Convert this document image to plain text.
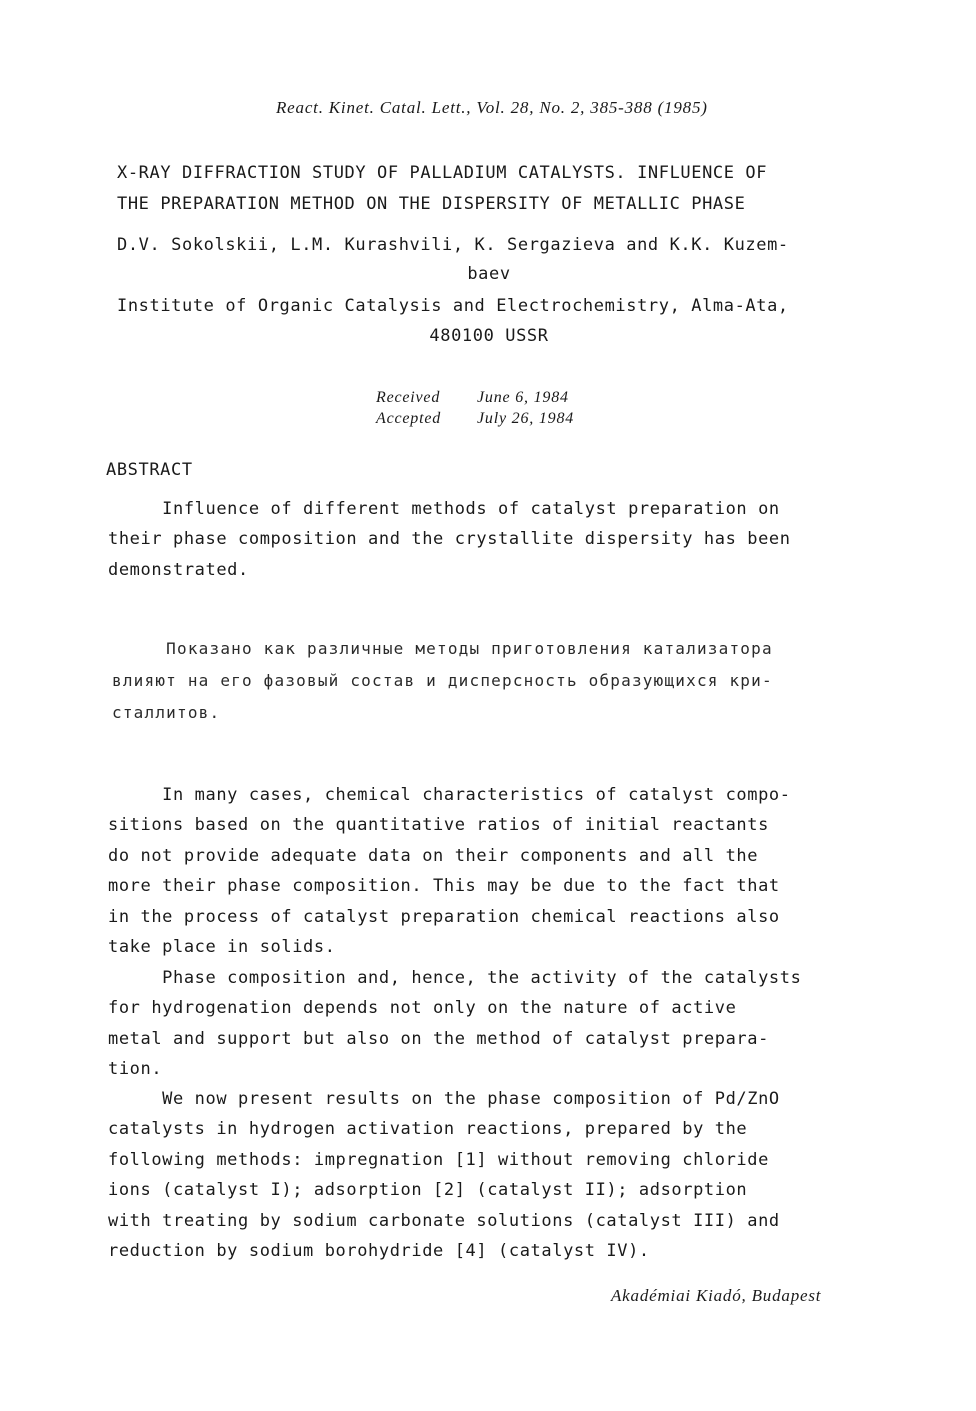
React. Kinet. Catal. Lett., Vol. 28, No. 2, 385-388 (1985)
X-RAY DIFFRACTION STUDY OF PALLADIUM CATALYSTS. INFLUENCE OF
THE PREPARATION METHOD ON THE DISPERSITY OF METALLIC PHASE
D.V. Sokolskii, L.M. Kurashvili, K. Sergazieva and K.K. Kuzem-
baev
Institute of Organic Catalysis and Electrochemistry, Alma-Ata,
480100 USSR
Received June 6, 1984
Accepted July 26, 1984
ABSTRACT
Influence of different methods of catalyst preparation on
their phase composition and the crystallite dispersity has been
demonstrated.
Показано как различные методы приготовления катализатора
влияют на его фазовый состав и дисперсность образующихся кри-
сталлитов.
In many cases, chemical characteristics of catalyst compo-
sitions based on the quantitative ratios of initial reactants
do not provide adequate data on their components and all the
more their phase composition. This may be due to the fact that
in the process of catalyst preparation chemical reactions also
take place in solids.
Phase composition and, hence, the activity of the catalysts
for hydrogenation depends not only on the nature of active
metal and support but also on the method of catalyst prepara-
tion.
We now present results on the phase composition of Pd/ZnO
catalysts in hydrogen activation reactions, prepared by the
following methods: impregnation [1] without removing chloride
ions (catalyst I); adsorption [2] (catalyst II); adsorption
with treating by sodium carbonate solutions (catalyst III) and
reduction by sodium borohydride [4] (catalyst IV).
Akadémiai Kiadó, Budapest
